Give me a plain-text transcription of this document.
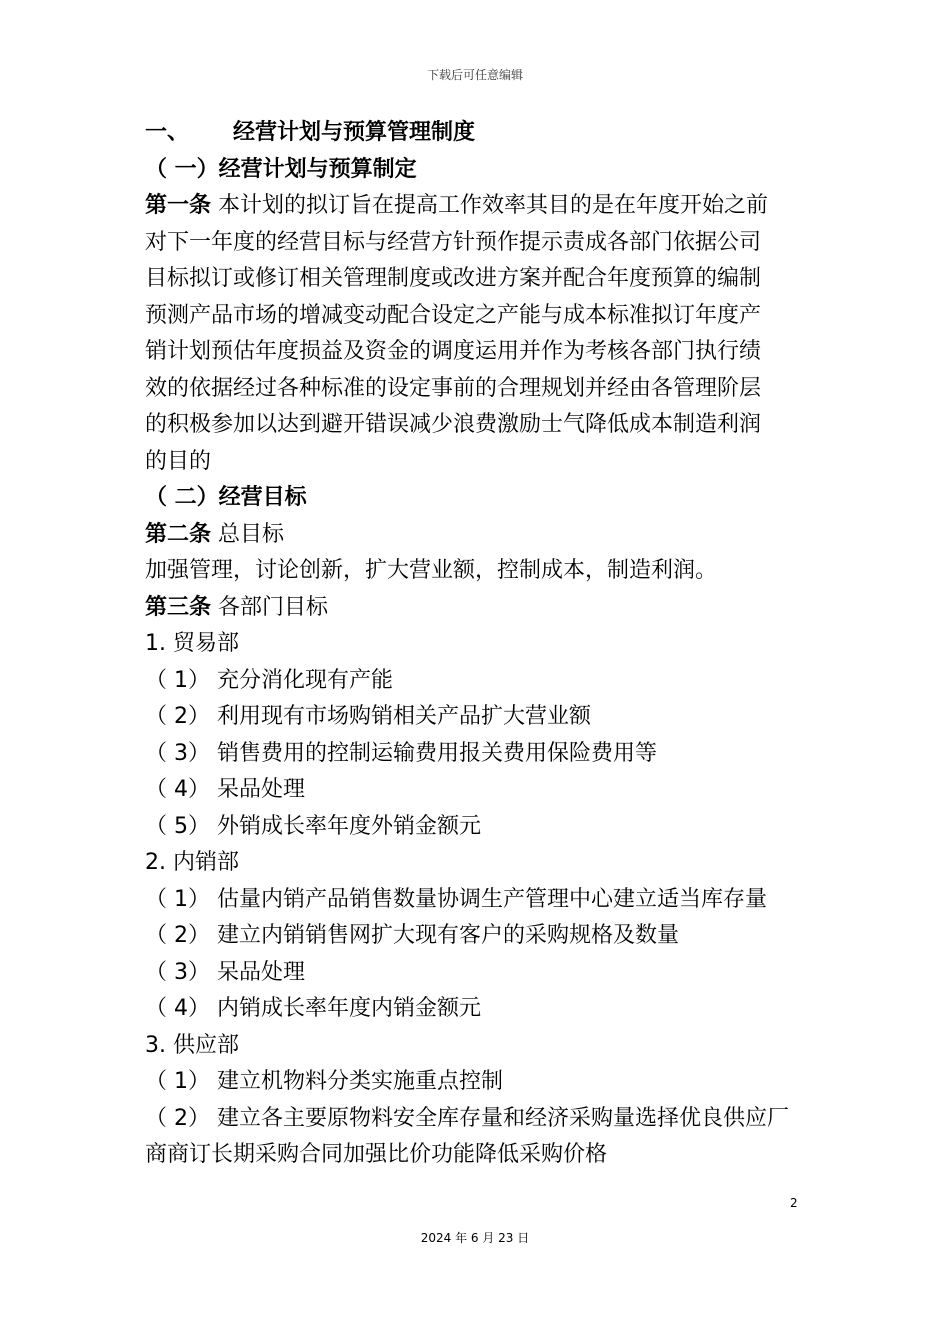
下载后可任意编辑
一、 经营计划与预算管理制度
（ 一）经营计划与预算制定
第一条 本计划的拟订旨在提高工作效率其目的是在年度开始之前
对下一年度的经营目标与经营方针预作提示责成各部门依据公司
目标拟订或修订相关管理制度或改进方案并配合年度预算的编制
预测产品市场的增减变动配合设定之产能与成本标准拟订年度产
销计划预估年度损益及资金的调度运用并作为考核各部门执行绩
效的依据经过各种标准的设定事前的合理规划并经由各管理阶层
的积极参加以达到避开错误减少浪费激励士气降低成本制造利润
的目的
（ 二）经营目标
第二条 总目标
加强管理，讨论创新，扩大营业额，控制成本，制造利润。
第三条 各部门目标
1. 贸易部
（ 1） 充分消化现有产能
（ 2） 利用现有市场购销相关产品扩大营业额
（ 3） 销售费用的控制运输费用报关费用保险费用等
（ 4） 呆品处理
（ 5） 外销成长率年度外销金额元
2. 内销部
（ 1） 估量内销产品销售数量协调生产管理中心建立适当库存量
（ 2） 建立内销销售网扩大现有客户的采购规格及数量
（ 3） 呆品处理
（ 4） 内销成长率年度内销金额元
3. 供应部
（ 1） 建立机物料分类实施重点控制
（ 2） 建立各主要原物料安全库存量和经济采购量选择优良供应厂
商商订长期采购合同加强比价功能降低采购价格
2
2024 年 6 月 23 日
